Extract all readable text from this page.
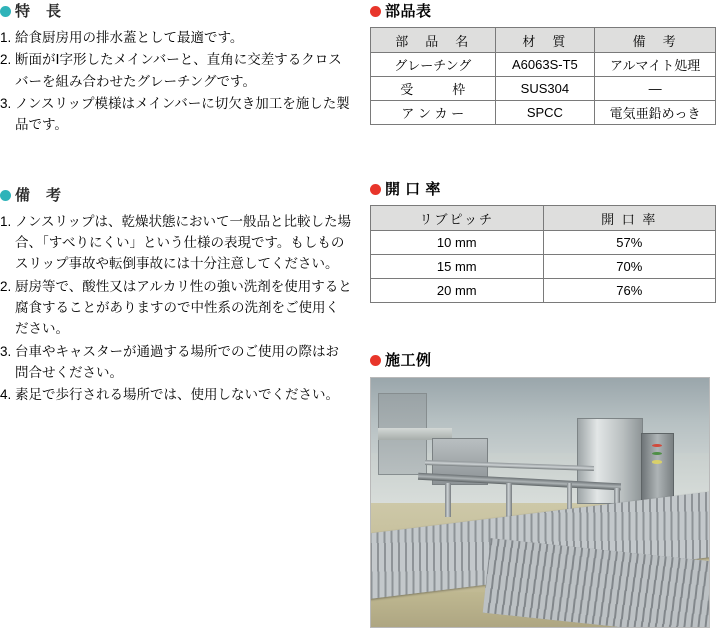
特　長
1. 給食厨房用の排水蓋として最適です。
2. 断面がⅠ字形したメインバーと、直角に交差するクロスバーを組み合わせたグレーチングです。
3. ノンスリップ模様はメインバーに切欠き加工を施した製品です。
備　考
1. ノンスリップは、乾燥状態において一般品と比較した場合、「すべりにくい」という仕様の表現です。もしものスリップ事故や転倒事故には十分注意してください。
2. 厨房等で、酸性又はアルカリ性の強い洗剤を使用すると腐食することがありますので中性系の洗剤をご使用ください。
3. 台車やキャスターが通過する場所でのご使用の際はお問合せください。
4. 素足で歩行される場所では、使用しないでください。
部品表
部　品　名	材　質	備　考
グレーチング	A6063S-T5	アルマイト処理
受　　　枠	SUS304	―
ア ン カ ー	SPCC	電気亜鉛めっき
開 口 率
リブピッチ	開 口 率
10 mm	57%
15 mm	70%
20 mm	76%
施工例
